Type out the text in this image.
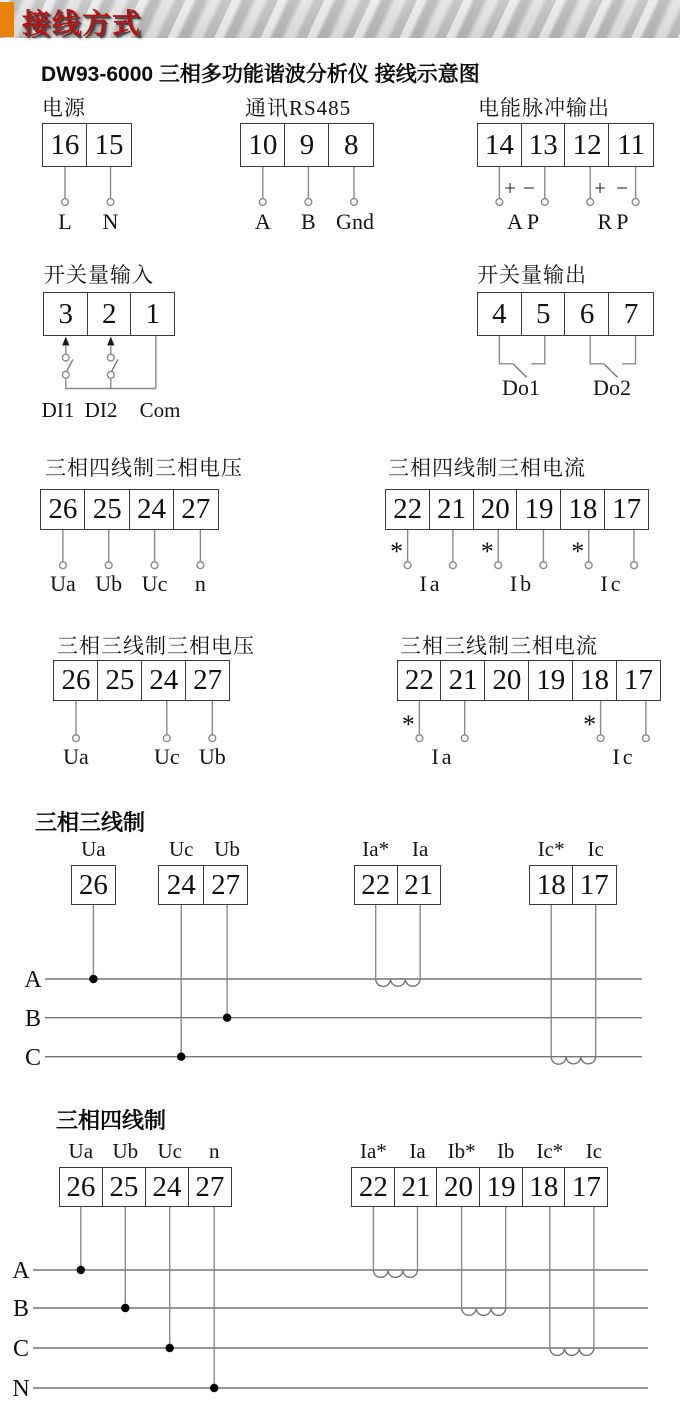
接线方式
DW93-6000 三相多功能谐波分析仪 接线示意图
电源
16 15
L N
通讯RS485
10 9	8
A B Gnd
电能脉冲输出
14 13 12 11
+ −	+ −
AP RP
开关量输入
3	2	1
DI1 DI2 Com
开关量输出
4	5	6	7
Do1 Do2
三相四线制三相电压
26 25 24 27
Ua Ub Uc n
三相四线制三相电流
22 21 20 19 18 17
*	*	*
Ia	Ib	Ic
三相三线制三相电压
26 25 24 27
Ua	Uc Ub
三相三线制三相电流
22 21 20 19 18 17
*	*
Ia	Ic
三相三线制
Ua	Uc Ub	Ia* Ia	Ic* Ic
26 24 27	22 21	18 17
A
B
C
三相四线制
Ua Ub Uc n	Ia* Ia Ib* Ib Ic* Ic
26 25 24 27	22 21 20 19 18 17
A
B
C
N
